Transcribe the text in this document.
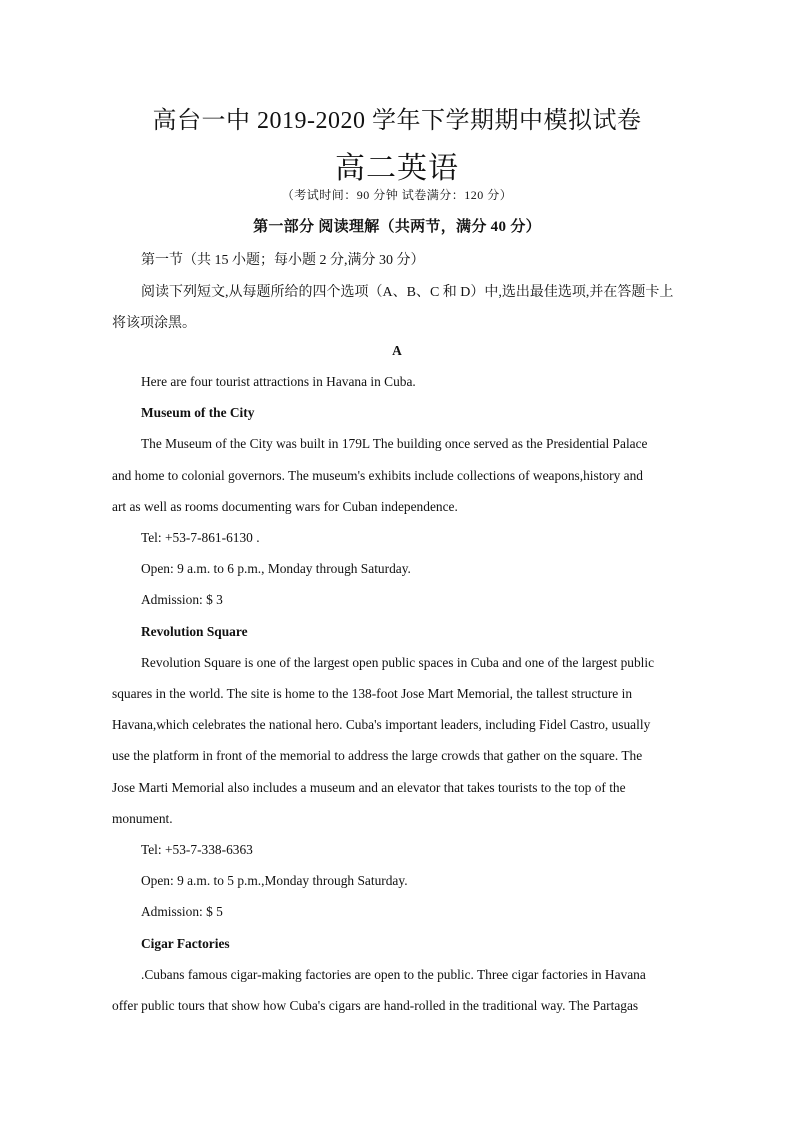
高台一中 2019-2020 学年下学期期中模拟试卷
高二英语
（考试时间：90 分钟 试卷满分：120 分）
第一部分 阅读理解（共两节，满分 40 分）
第一节（共 15 小题；每小题 2 分,满分 30 分）
阅读下列短文,从每题所给的四个选项（A、B、C 和 D）中,选出最佳选项,并在答题卡上
将该项涂黑。
A
Here are four tourist attractions in Havana in Cuba.
Museum of the City
The Museum of the City was built in 179L The building once served as the Presidential Palace
and home to colonial governors. The museum's exhibits include collections of weapons,history and
art as well as rooms documenting wars for Cuban independence.
Tel: +53-7-861-6130 .
Open: 9 a.m. to 6 p.m., Monday through Saturday.
Admission: $ 3
Revolution Square
Revolution Square is one of the largest open public spaces in Cuba and one of the largest public
squares in the world. The site is home to the 138-foot Jose Mart Memorial, the tallest structure in
Havana,which celebrates the national hero. Cuba's important leaders, including Fidel Castro, usually
use the platform in front of the memorial to address the large crowds that gather on the square. The
Jose Marti Memorial also includes a museum and an elevator that takes tourists to the top of the
monument.
Tel: +53-7-338-6363
Open: 9 a.m. to 5 p.m.,Monday through Saturday.
Admission: $ 5
Cigar Factories
.Cubans famous cigar-making factories are open to the public. Three cigar factories in Havana
offer public tours that show how Cuba's cigars are hand-rolled in the traditional way. The Partagas
